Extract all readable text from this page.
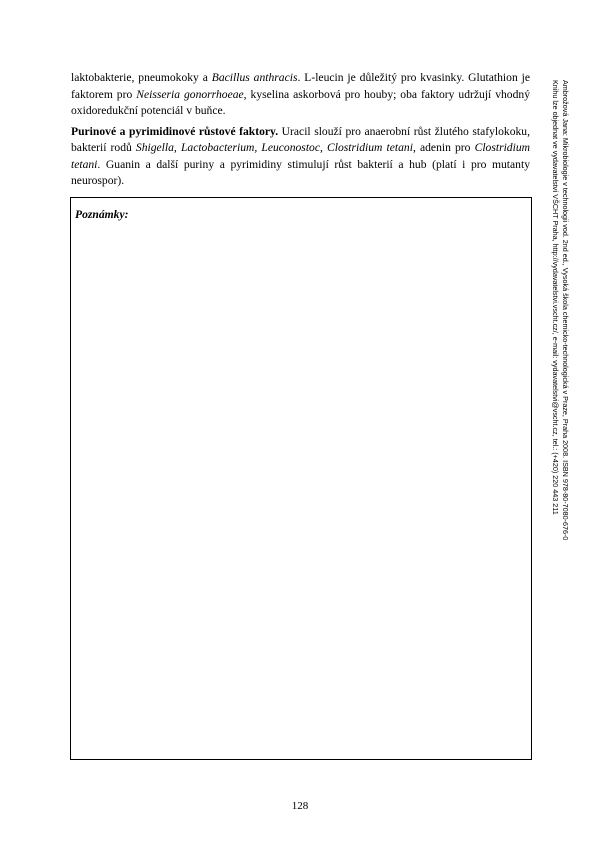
laktobakterie, pneumokoky a Bacillus anthracis. L-leucin je důležitý pro kvasinky. Glutathion je faktorem pro Neisseria gonorrhoeae, kyselina askorbová pro houby; oba faktory udržují vhodný oxidoredukční potenciál v buňce.

Purinové a pyrimidinové růstové faktory. Uracil slouží pro anaerobní růst žlutého stafylokoku, bakterií rodů Shigella, Lactobacterium, Leuconostoc, Clostridium tetani, adenin pro Clostridium tetani. Guanin a další puriny a pyrimidiny stimulují růst bakterií a hub (platí i pro mutanty neurospor).

Poznámky:
128
Ambrožová Jana: Mikrobiologie v technologii vod. 2nd ed., Vysoká škola chemicko-technologická v Praze, Praha 2008. ISBN 978-80-7080-676-0
Knihu lze objednat ve vydavatelství VŠCHT Praha, http://vydavatelstvi.vscht.cz/, e-mail: vydavatelstvi@vscht.cz, tel.: (+420) 220 443 211
